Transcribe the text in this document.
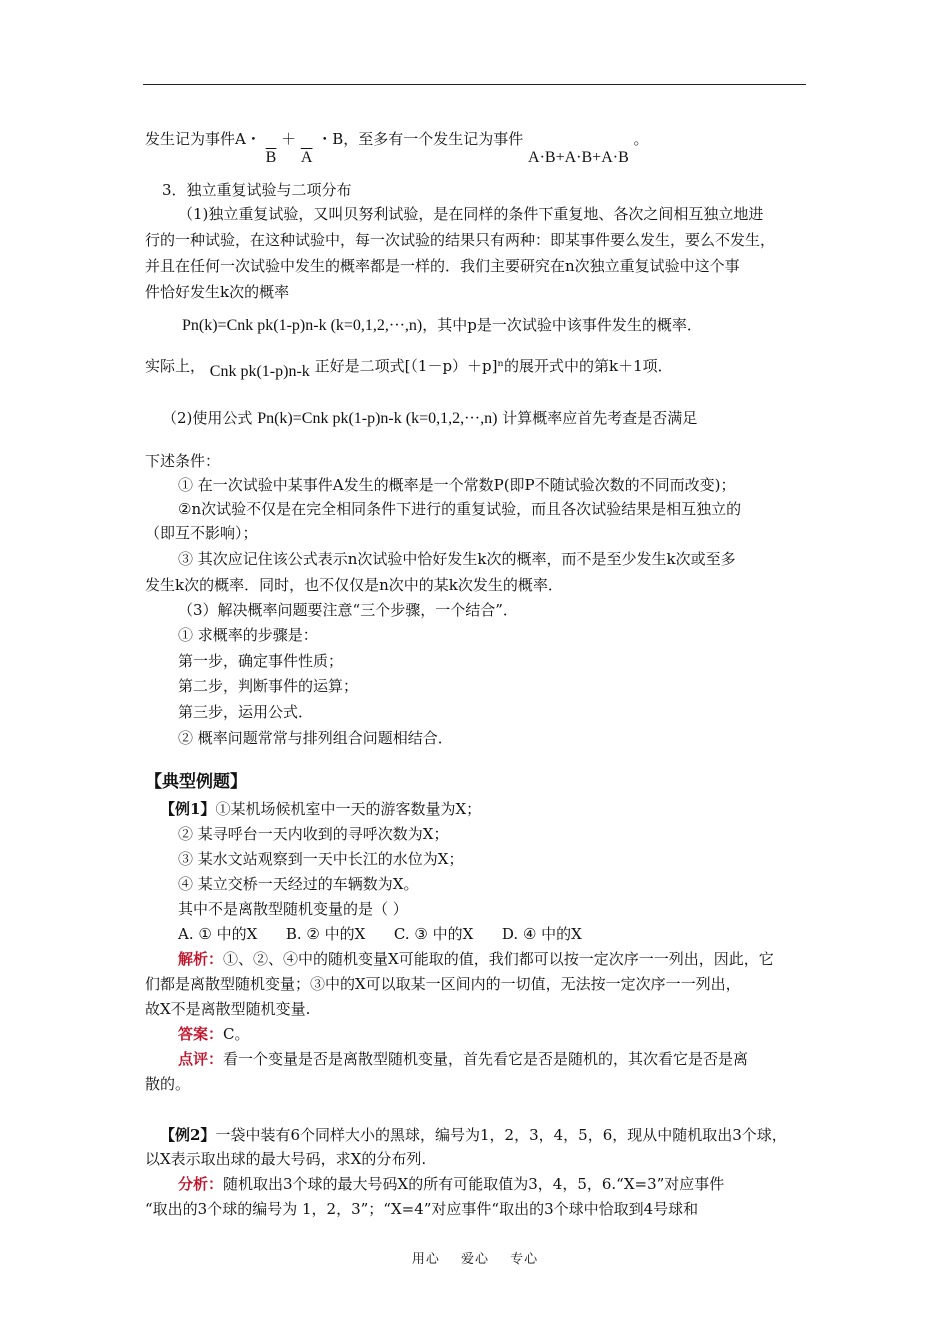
发生记为事件A・ $\overline{B} + \overline{A}$ ・B，至多有一个发生记为事件 A·B+A·B+A·B 。
3．独立重复试验与二项分布
（1)独立重复试验，又叫贝努利试验，是在同样的条件下重复地、各次之间相互独立地进
行的一种试验，在这种试验中，每一次试验的结果只有两种：即某事件要么发生，要么不发生，
并且在任何一次试验中发生的概率都是一样的．我们主要研究在n次独立重复试验中这个事
件恰好发生k次的概率
Pn(k)=Cnk pk(1-p)n-k (k=0,1,2,···,n)，其中p是一次试验中该事件发生的概率．
实际上， Cnk pk(1-p)n-k 正好是二项式[（1－p）＋p]ⁿ的展开式中的第k＋1项．
（2)使用公式 Pn(k)=Cnk pk(1-p)n-k (k=0,1,2,···,n) 计算概率应首先考查是否满足
下述条件：
① 在一次试验中某事件A发生的概率是一个常数P(即P不随试验次数的不同而改变)；
②n次试验不仅是在完全相同条件下进行的重复试验，而且各次试验结果是相互独立的
（即互不影响）；
③ 其次应记住该公式表示n次试验中恰好发生k次的概率，而不是至少发生k次或至多
发生k次的概率．同时，也不仅仅是n次中的某k次发生的概率．
（3）解决概率问题要注意“三个步骤，一个结合”．
① 求概率的步骤是：
第一步，确定事件性质；
第二步，判断事件的运算；
第三步，运用公式．
② 概率问题常常与排列组合问题相结合．
【典型例题】
【例1】①某机场候机室中一天的游客数量为X；
② 某寻呼台一天内收到的寻呼次数为X；
③ 某水文站观察到一天中长江的水位为X；
④ 某立交桥一天经过的车辆数为X。
其中不是离散型随机变量的是（ ）
A. ① 中的X      B. ② 中的X      C. ③ 中的X      D. ④ 中的X
解析：①、②、④中的随机变量X可能取的值，我们都可以按一定次序一一列出，因此，它
们都是离散型随机变量；③中的X可以取某一区间内的一切值，无法按一定次序一一列出，
故X不是离散型随机变量.
答案：C。
点评：看一个变量是否是离散型随机变量，首先看它是否是随机的，其次看它是否是离
散的。
【例2】一袋中装有6个同样大小的黑球，编号为1，2，3，4，5，6，现从中随机取出3个球，
以X表示取出球的最大号码，求X的分布列.
分析：随机取出3个球的最大号码X的所有可能取值为3，4，5，6.“X=3”对应事件
“取出的3个球的编号为 1，2，3”；“X=4”对应事件“取出的3个球中恰取到4号球和
用心 爱心 专心
